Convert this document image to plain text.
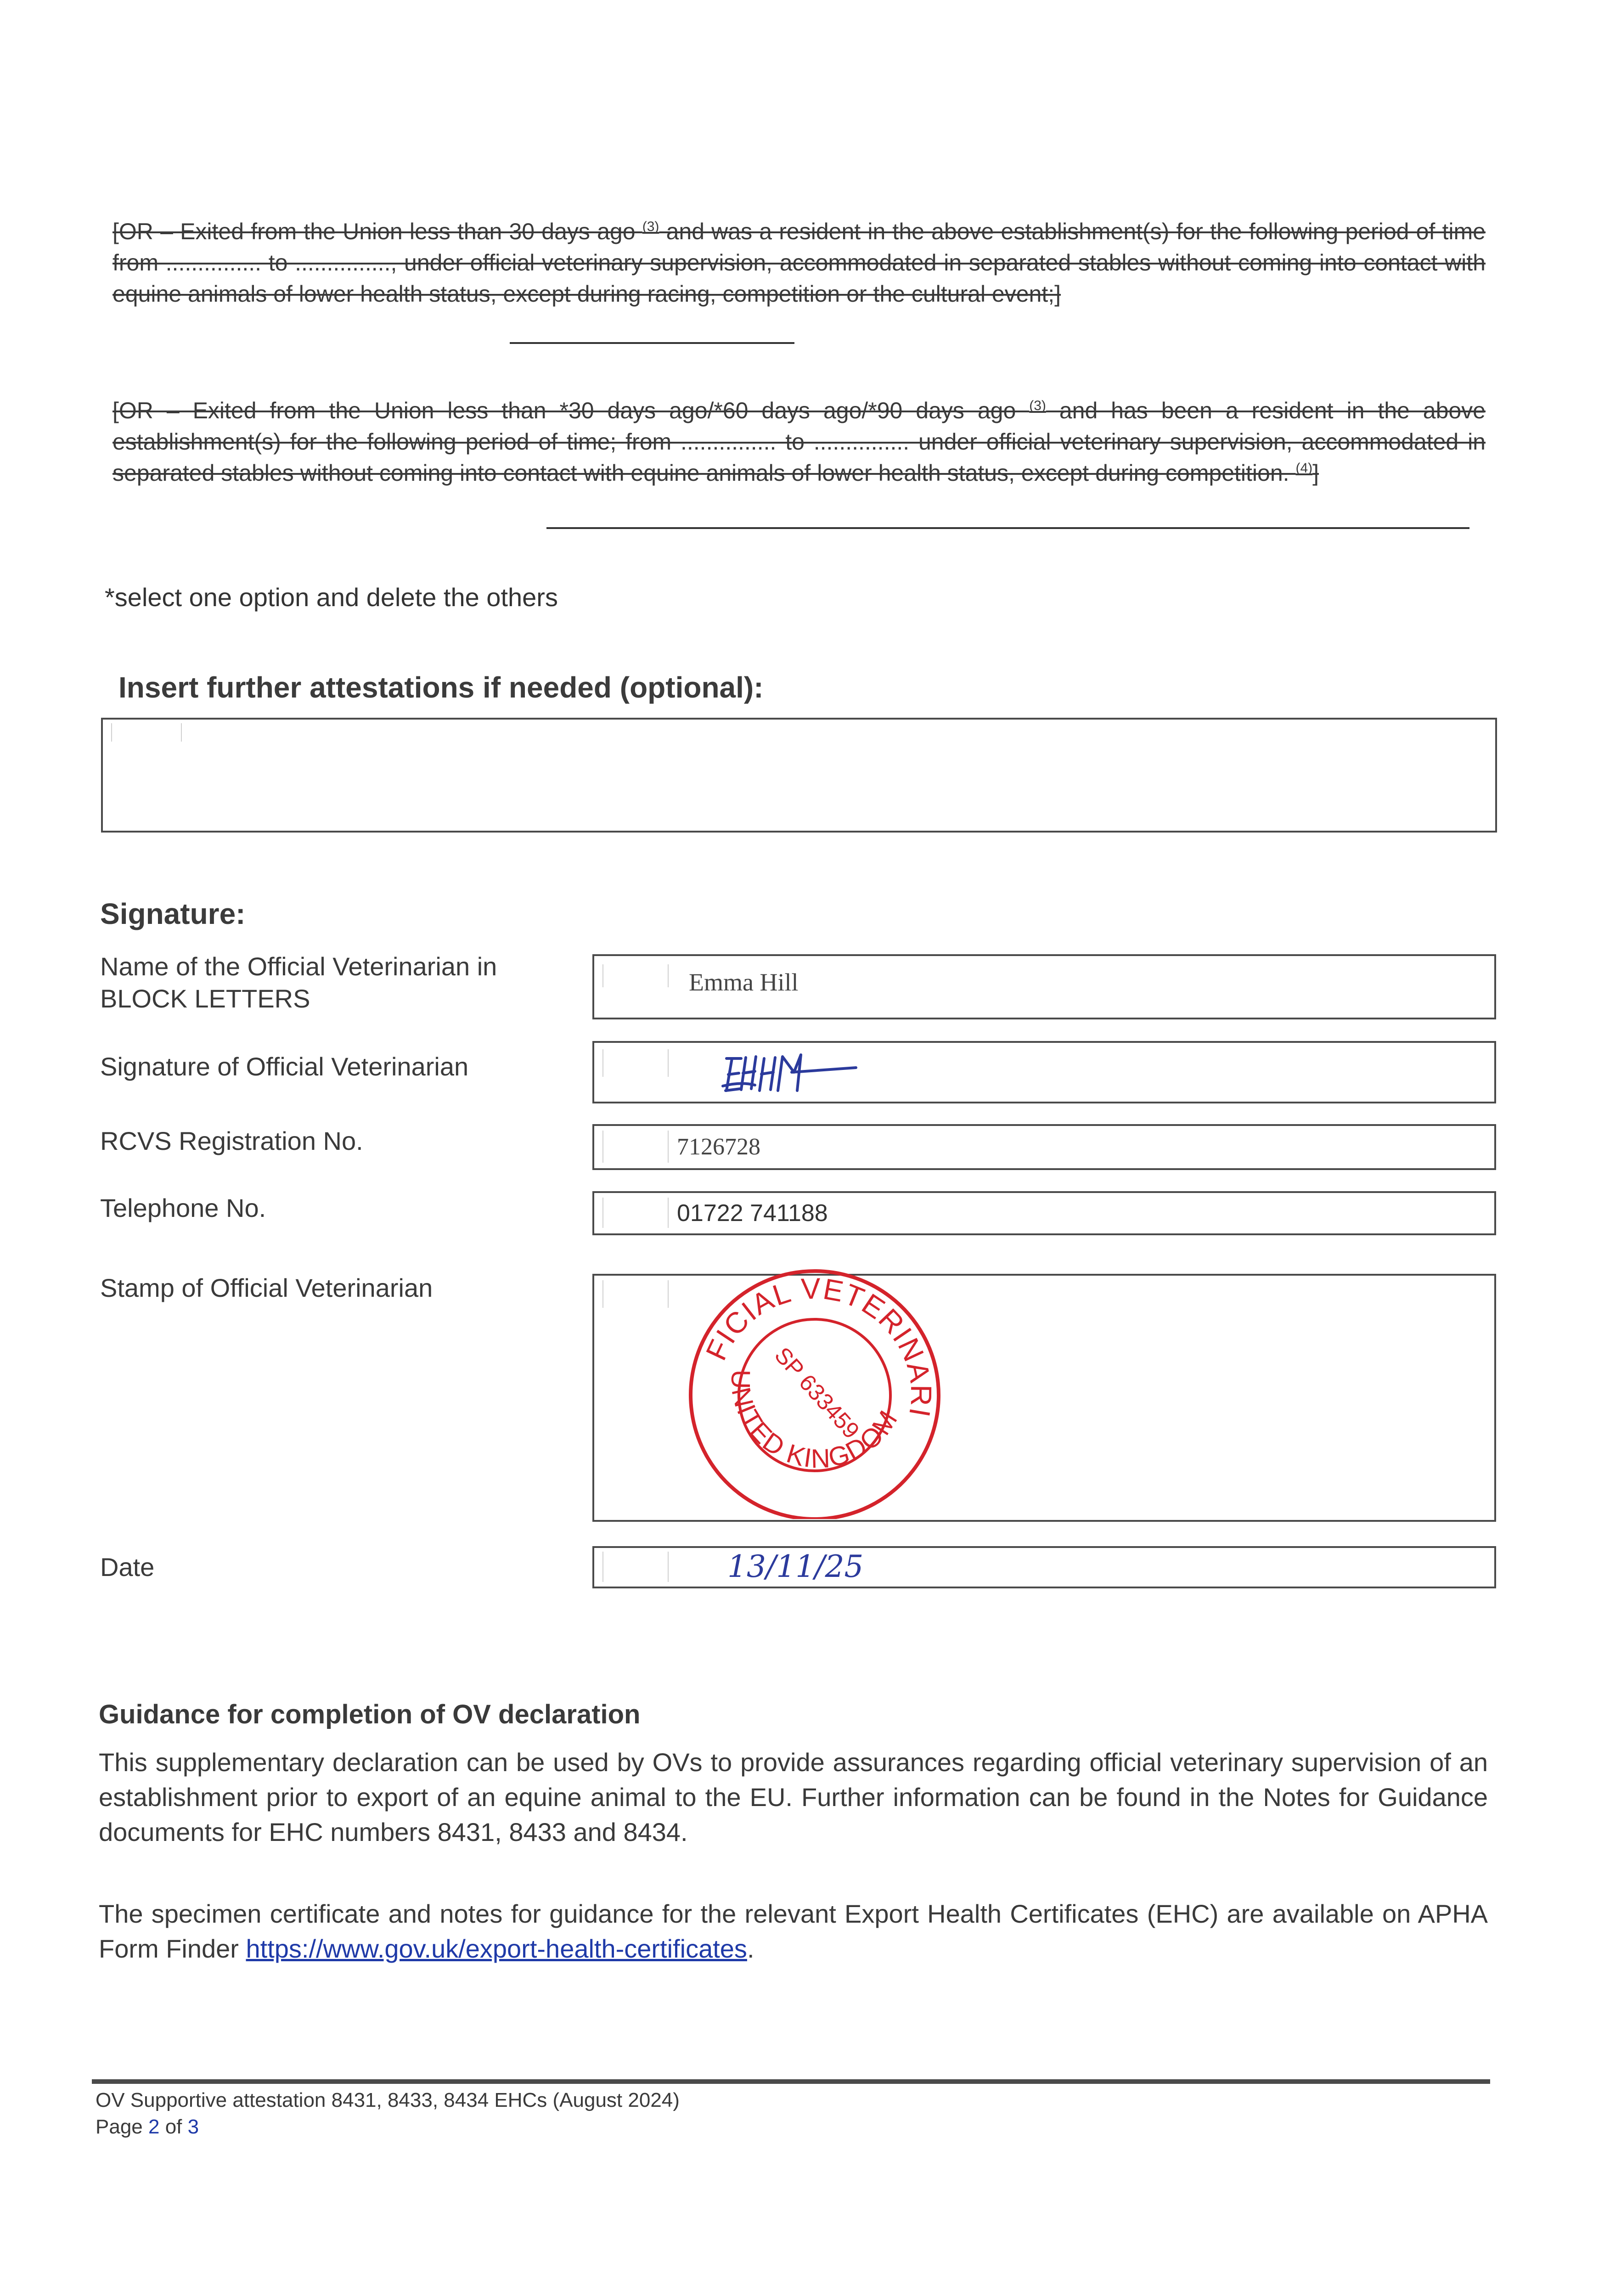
[OR – Exited from the Union less than 30 days ago $^{(3)}$ and was a resident in the above establishment(s) for the following period of time from ............... to ..............., under official veterinary supervision, accommodated in separated stables without coming into contact with equine animals of lower health status, except during racing, competition or the cultural event;]
[OR – Exited from the Union less than *30 days ago/*60 days ago/*90 days ago $^{(3)}$ and has been a resident in the above establishment(s) for the following period of time; from ............... to ............... under official veterinary supervision, accommodated in separated stables without coming into contact with equine animals of lower health status, except during competition. $^{(4)}$]
*select one option and delete the others
Insert further attestations if needed (optional):
Signature:
Name of the Official Veterinarian in BLOCK LETTERS
Emma Hill
Signature of Official Veterinarian
RCVS Registration No.	7126728
Telephone No.	01722 741188
Stamp of Official Veterinarian
OFFICIAL VETERINARIAN
UNITED KINGDOM
SP 633459
Date	13/11/25
Guidance for completion of OV declaration
This supplementary declaration can be used by OVs to provide assurances regarding official veterinary supervision of an establishment prior to export of an equine animal to the EU. Further information can be found in the Notes for Guidance documents for EHC numbers 8431, 8433 and 8434.
The specimen certificate and notes for guidance for the relevant Export Health Certificates (EHC) are available on APHA Form Finder https://www.gov.uk/export-health-certificates.
OV Supportive attestation 8431, 8433, 8434 EHCs (August 2024)
Page 2 of 3
